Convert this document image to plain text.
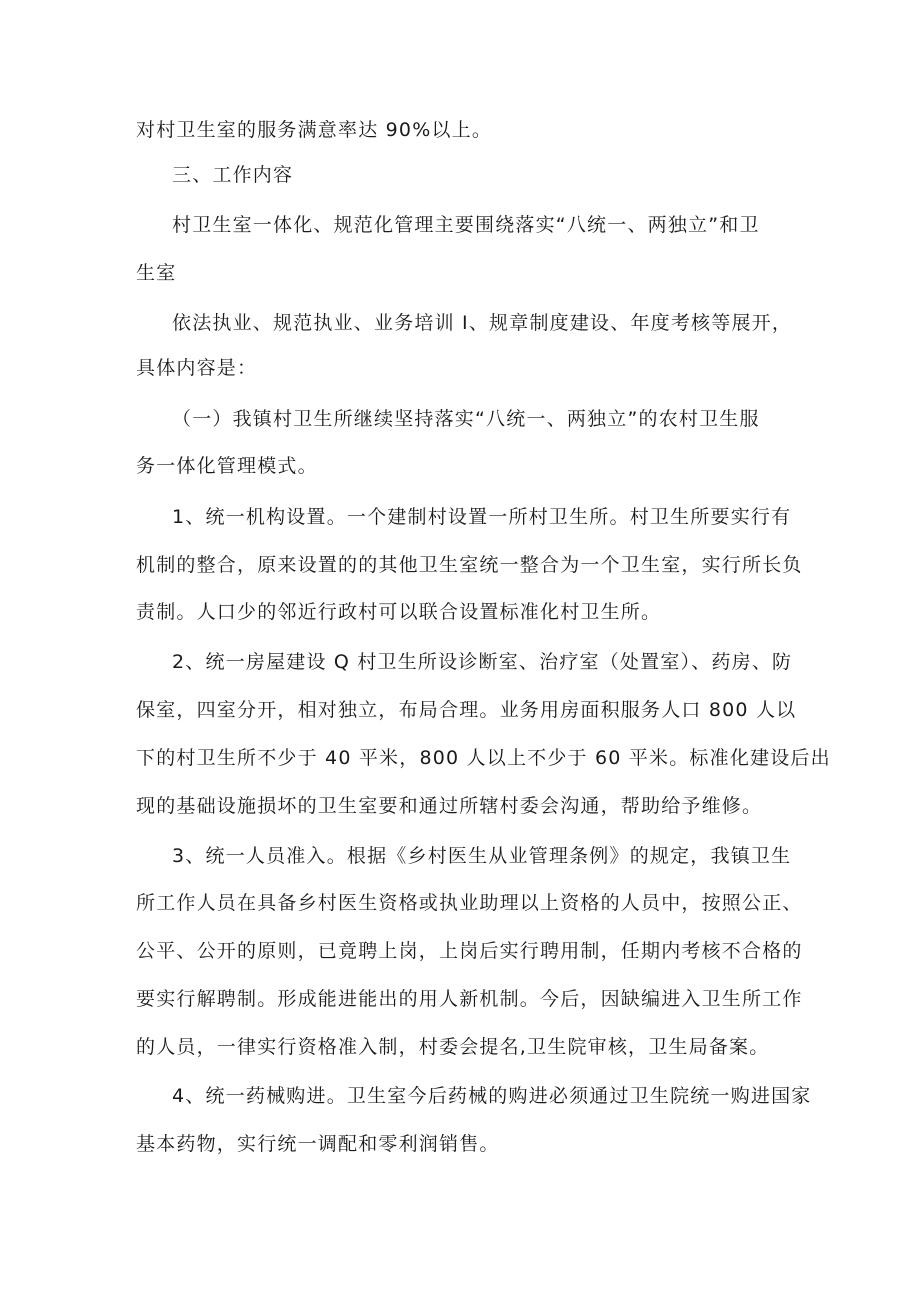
对村卫生室的服务满意率达 90%以上。
三、工作内容
村卫生室一体化、规范化管理主要围绕落实“八统一、两独立”和卫
生室
依法执业、规范执业、业务培训 I、规章制度建设、年度考核等展开，
具体内容是：
（一）我镇村卫生所继续坚持落实“八统一、两独立”的农村卫生服
务一体化管理模式。
1、统一机构设置。一个建制村设置一所村卫生所。村卫生所要实行有
机制的整合，原来设置的的其他卫生室统一整合为一个卫生室，实行所长负
责制。人口少的邻近行政村可以联合设置标准化村卫生所。
2、统一房屋建设 Q 村卫生所设诊断室、治疗室（处置室）、药房、防
保室，四室分开，相对独立，布局合理。业务用房面积服务人口 800 人以
下的村卫生所不少于 40 平米，800 人以上不少于 60 平米。标准化建设后出
现的基础设施损坏的卫生室要和通过所辖村委会沟通，帮助给予维修。
3、统一人员准入。根据《乡村医生从业管理条例》的规定，我镇卫生
所工作人员在具备乡村医生资格或执业助理以上资格的人员中，按照公正、
公平、公开的原则，已竟聘上岗，上岗后实行聘用制，任期内考核不合格的
要实行解聘制。形成能进能出的用人新机制。今后，因缺编进入卫生所工作
的人员，一律实行资格准入制，村委会提名,卫生院审核，卫生局备案。
4、统一药械购进。卫生室今后药械的购进必须通过卫生院统一购进国家
基本药物，实行统一调配和零利润销售。
